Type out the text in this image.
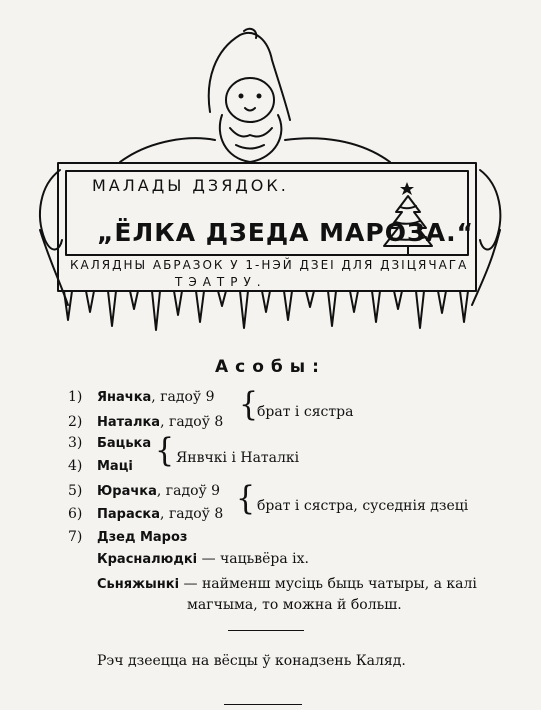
МАЛАДЫ ДЗЯДОК.
„ЁЛКА ДЗЕДА МАРОЗА.“
КАЛЯДНЫ АБРАЗОК У 1-НЭЙ ДЗЕІ ДЛЯ ДЗІЦЯЧАГА
ТЭАТРУ.
Асобы:
1) Яначка, гадоў 9
2) Наталка, гадоў 8 {
брат і сястра
3) Бацька
4) Маці { Янвчкі і Наталкі
5) Юрачка, гадоў 9
6) Параска, гадоў 8 { брат і сястра, суседнія дзеці
7) Дзед Мароз
Красналюдкі — чацьвёра іх.
Сьняжынкі — найменш мусіць быць чатыры, а калі
магчыма, то можна й больш.
Рэч дзеецца на вёсцы ў конадзень Каляд.
